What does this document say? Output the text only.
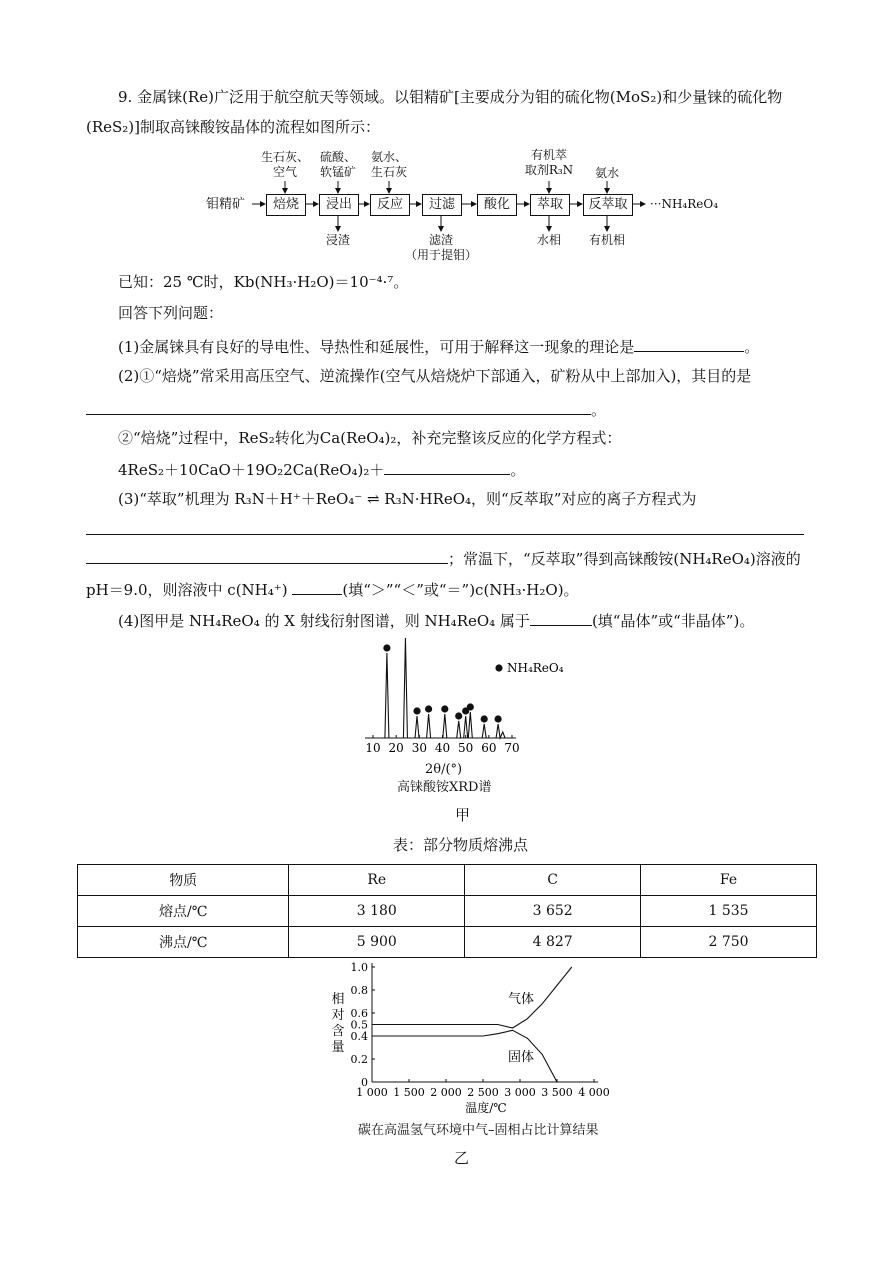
9. 金属铼(Re)广泛用于航空航天等领域。以钼精矿[主要成分为钼的硫化物(MoS₂)和少量铼的硫化物
(ReS₂)]制取高铼酸铵晶体的流程如图所示：
钼精矿	焙烧	浸出	反应	过滤	酸化	萃取	反萃取	···NH₄ReO₄
生石灰、
空气
硫酸、
软锰矿
氨水、
生石灰
有机萃
取剂R₃N	氨水
浸渣	滤渣
（用于提钼）
水相	有机相
已知：25 ℃时，Kb(NH₃·H₂O)＝10⁻⁴·⁷。
回答下列问题：
(1)金属铼具有良好的导电性、导热性和延展性，可用于解释这一现象的理论是	。
(2)①“焙烧”常采用高压空气、逆流操作(空气从焙烧炉下部通入，矿粉从中上部加入)，其目的是
。
②“焙烧”过程中，ReS₂转化为Ca(ReO₄)₂，补充完整该反应的化学方程式：
4ReS₂＋10CaO＋19O₂2Ca(ReO₄)₂＋	。
(3)“萃取”机理为 R₃N＋H⁺＋ReO₄⁻ ⇌ R₃N·HReO₄，则“反萃取”对应的离子方程式为
；常温下，“反萃取”得到高铼酸铵(NH₄ReO₄)溶液的
pH＝9.0，则溶液中 c(NH₄⁺)	(填“＞”“＜”或“＝”)c(NH₃·H₂O)。
(4)图甲是 NH₄ReO₄ 的 X 射线衍射图谱，则 NH₄ReO₄ 属于	(填“晶体”或“非晶体”)。
10 20 30 40 50 60 70
NH₄ReO₄
2θ/(°)
高铼酸铵XRD谱
甲
表：部分物质熔沸点
物质	Re	C	Fe
熔点/℃	3 180	3 652	1 535
沸点/℃	5 900	4 827	2 750
0
0.2
0.4
0.5
0.6
0.8
1.0
1 000 1 500 2 000 2 500 3 000 3 500 4 000
气体
固体
相
对
含
量
温度/℃
碳在高温氢气环境中气–固相占比计算结果
乙
